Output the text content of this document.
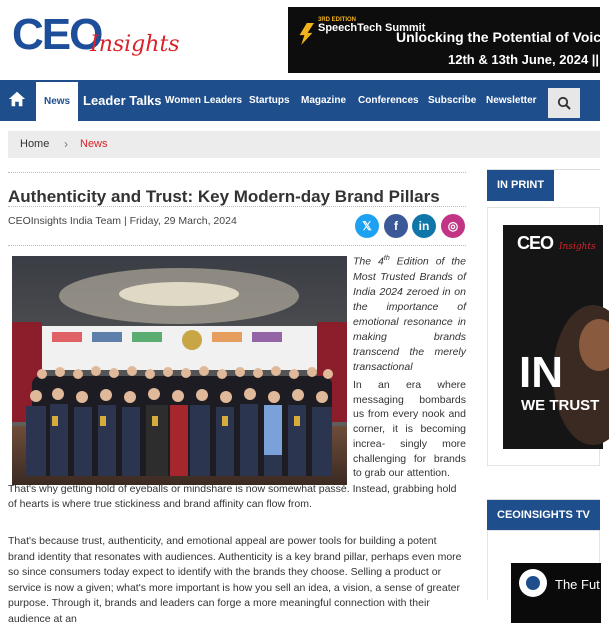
CEO
Insights
3RD EDITION
SpeechTech Summit
Unlocking the Potential of Voice
12th & 13th June, 2024 ||
News Leader Talks Women Leaders Startups Magazine Conferences Subscribe Newsletter
Home › News
Authenticity and Trust: Key Modern-day Brand Pillars
CEOInsights India Team | Friday, 29 March, 2024	𝕏	f	in	◎
The 4th Edition of the Most Trusted Brands of India 2024 zeroed in on the importance of emotional resonance in making brands transcend the merely transactional
In an era where messaging bombards us from every nook and corner, it is becoming increa- singly more challenging for brands to grab our attention.
That's why getting hold of eyeballs or mindshare is now somewhat passé. Instead, grabbing hold of hearts is where true stickiness and brand affinity can flow from.
That's because trust, authenticity, and emotional appeal are power tools for building a potent brand identity that resonates with audiences. Authenticity is a key brand pillar, perhaps even more so since consumers today expect to identify with the brands they choose. Selling a product or service is now a given; what's more important is how you sell an idea, a vision, a sense of greater purpose. Through it, brands and leaders can forge a more meaningful connection with their audience at an
IN PRINT
CEO Insights
IN
WE TRUST
CEOINSIGHTS TV
The Fut
